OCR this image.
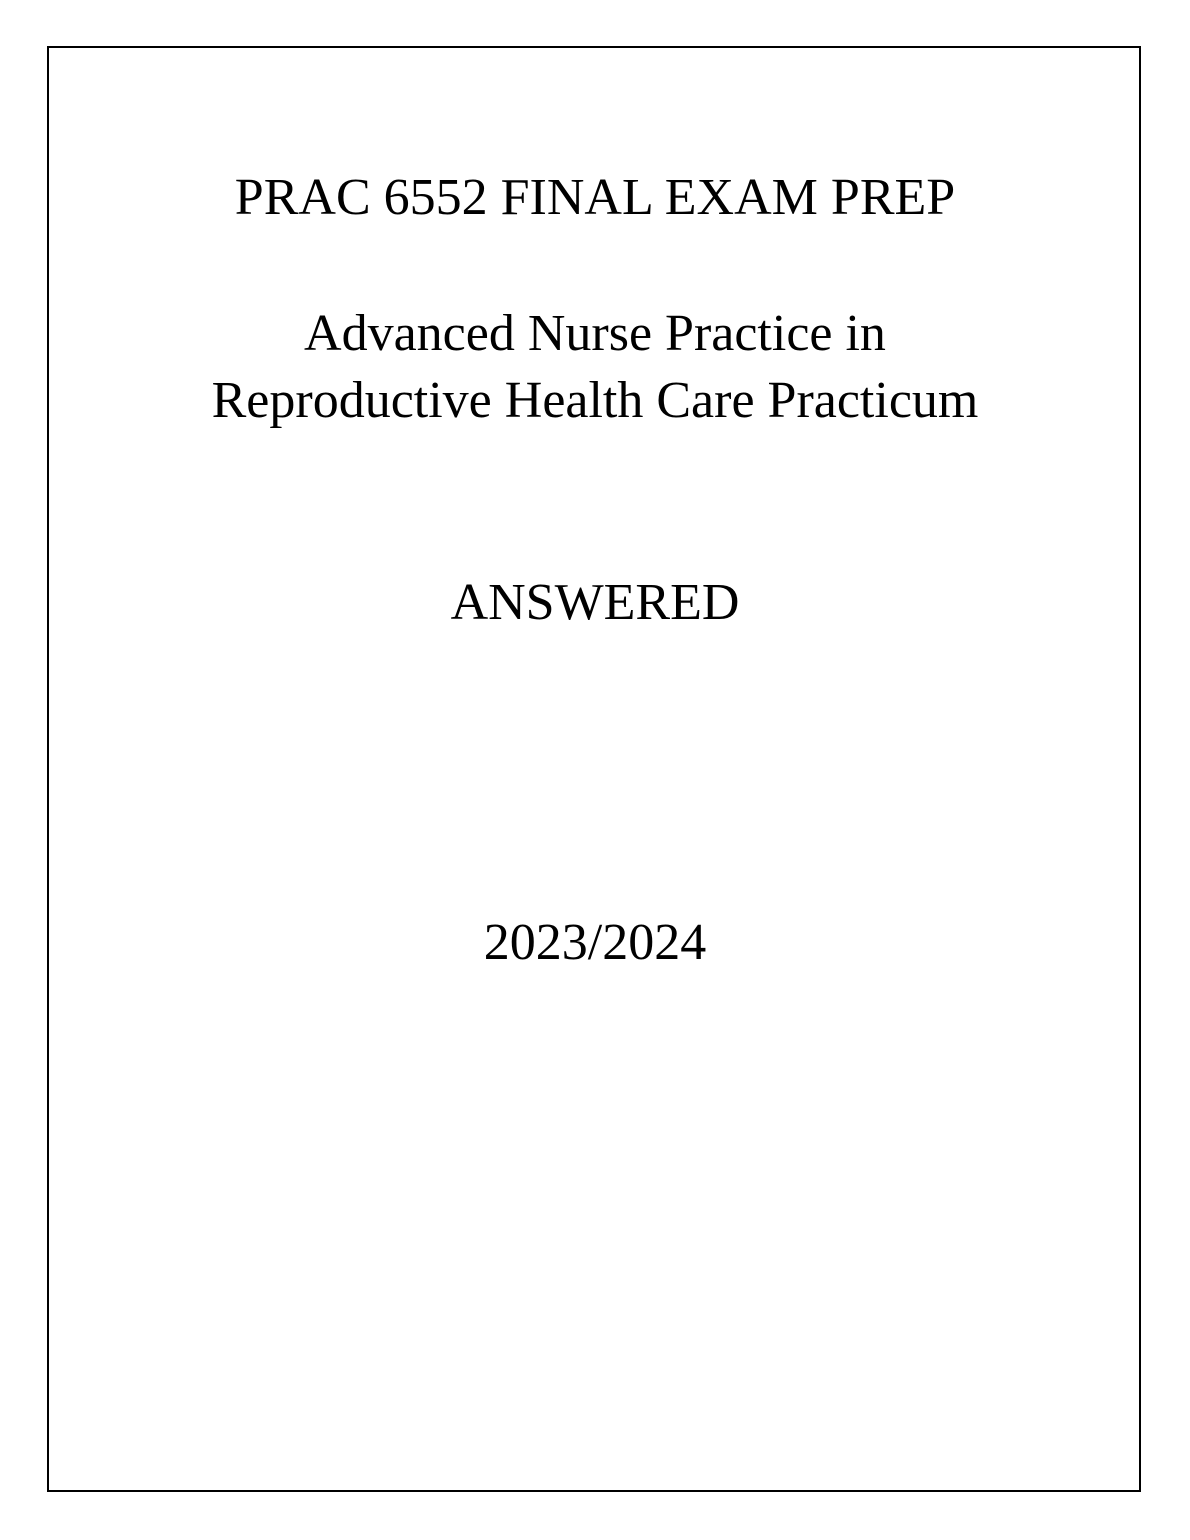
PRAC 6552 FINAL EXAM PREP
Advanced Nurse Practice in
Reproductive Health Care Practicum
ANSWERED
2023/2024
